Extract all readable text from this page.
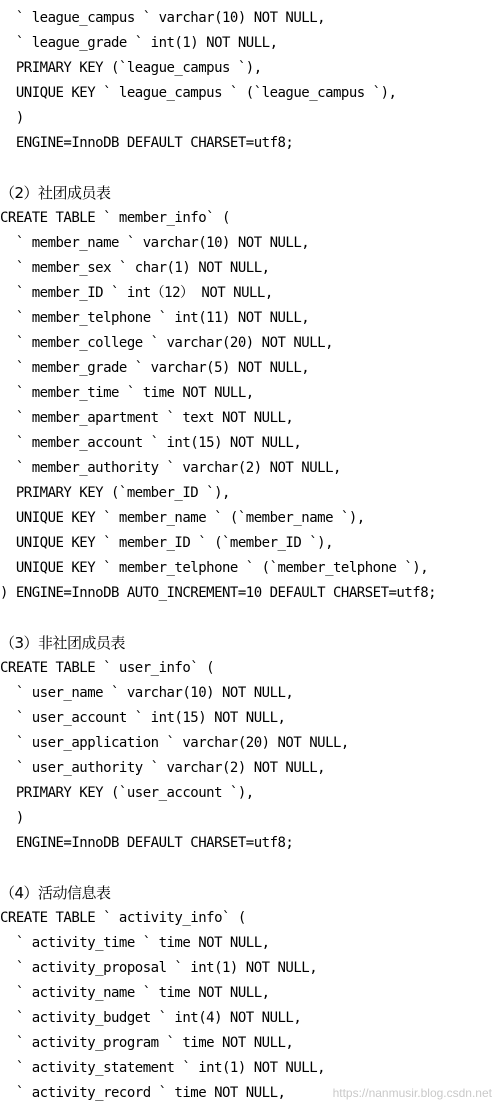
` league_campus ` varchar(10) NOT NULL,
` league_grade ` int(1) NOT NULL,
PRIMARY KEY (`league_campus `),
UNIQUE KEY ` league_campus ` (`league_campus `),
)
ENGINE=InnoDB DEFAULT CHARSET=utf8;
（2）社团成员表
CREATE TABLE ` member_info` (
` member_name ` varchar(10) NOT NULL,
` member_sex ` char(1) NOT NULL,
` member_ID ` int（12） NOT NULL,
` member_telphone ` int(11) NOT NULL,
` member_college ` varchar(20) NOT NULL,
` member_grade ` varchar(5) NOT NULL,
` member_time ` time NOT NULL,
` member_apartment ` text NOT NULL,
` member_account ` int(15) NOT NULL,
` member_authority ` varchar(2) NOT NULL,
PRIMARY KEY (`member_ID `),
UNIQUE KEY ` member_name ` (`member_name `),
UNIQUE KEY ` member_ID ` (`member_ID `),
UNIQUE KEY ` member_telphone ` (`member_telphone `),
) ENGINE=InnoDB AUTO_INCREMENT=10 DEFAULT CHARSET=utf8;
（3）非社团成员表
CREATE TABLE ` user_info` (
` user_name ` varchar(10) NOT NULL,
` user_account ` int(15) NOT NULL,
` user_application ` varchar(20) NOT NULL,
` user_authority ` varchar(2) NOT NULL,
PRIMARY KEY (`user_account `),
)
ENGINE=InnoDB DEFAULT CHARSET=utf8;
（4）活动信息表
CREATE TABLE ` activity_info` (
` activity_time ` time NOT NULL,
` activity_proposal ` int(1) NOT NULL,
` activity_name ` time NOT NULL,
` activity_budget ` int(4) NOT NULL,
` activity_program ` time NOT NULL,
` activity_statement ` int(1) NOT NULL,
` activity_record ` time NOT NULL,	https://nanmusir.blog.csdn.net
